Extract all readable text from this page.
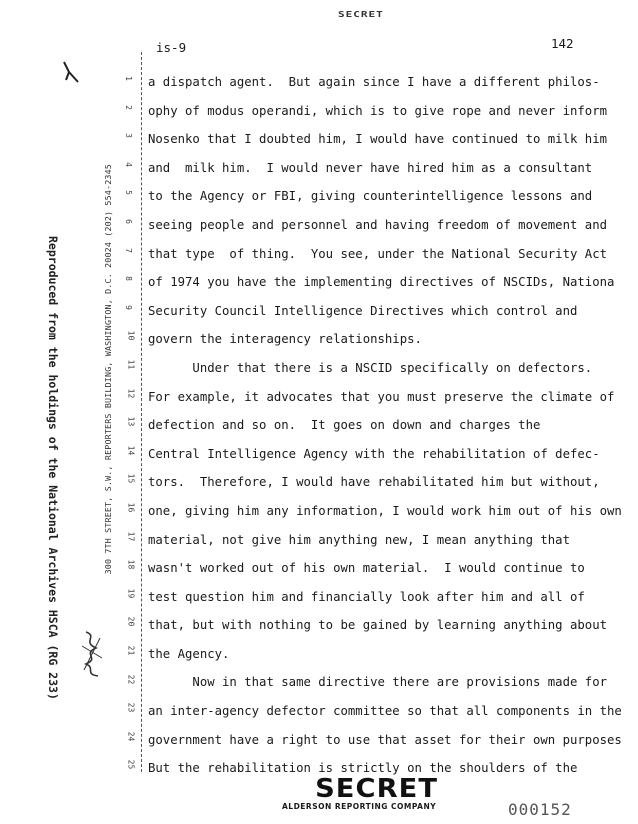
SECRET
is-9	142
Reproduced from the holdings of the National Archives HSCA (RG 233)	300 7TH STREET, S.W., REPORTERS BUILDING, WASHINGTON, D.C. 20024 (202) 554-2345
1
2
3
4
5
6
7
8
9
10
11
12
13
14
15
16
17
18
19
20
21
22
23
24
25
a dispatch agent.  But again since I have a different philos-
ophy of modus operandi, which is to give rope and never inform
Nosenko that I doubted him, I would have continued to milk him
and  milk him.  I would never have hired him as a consultant
to the Agency or FBI, giving counterintelligence lessons and
seeing people and personnel and having freedom of movement and
that type  of thing.  You see, under the National Security Act
of 1974 you have the implementing directives of NSCIDs, Nationa
Security Council Intelligence Directives which control and
govern the interagency relationships.
Under that there is a NSCID specifically on defectors.
For example, it advocates that you must preserve the climate of
defection and so on.  It goes on down and charges the
Central Intelligence Agency with the rehabilitation of defec-
tors.  Therefore, I would have rehabilitated him but without,
one, giving him any information, I would work him out of his own
material, not give him anything new, I mean anything that
wasn't worked out of his own material.  I would continue to
test question him and financially look after him and all of
that, but with nothing to be gained by learning anything about
the Agency.
Now in that same directive there are provisions made for
an inter-agency defector committee so that all components in the
government have a right to use that asset for their own purposes
But the rehabilitation is strictly on the shoulders of the
SECRET
ALDERSON REPORTING COMPANY	000152
